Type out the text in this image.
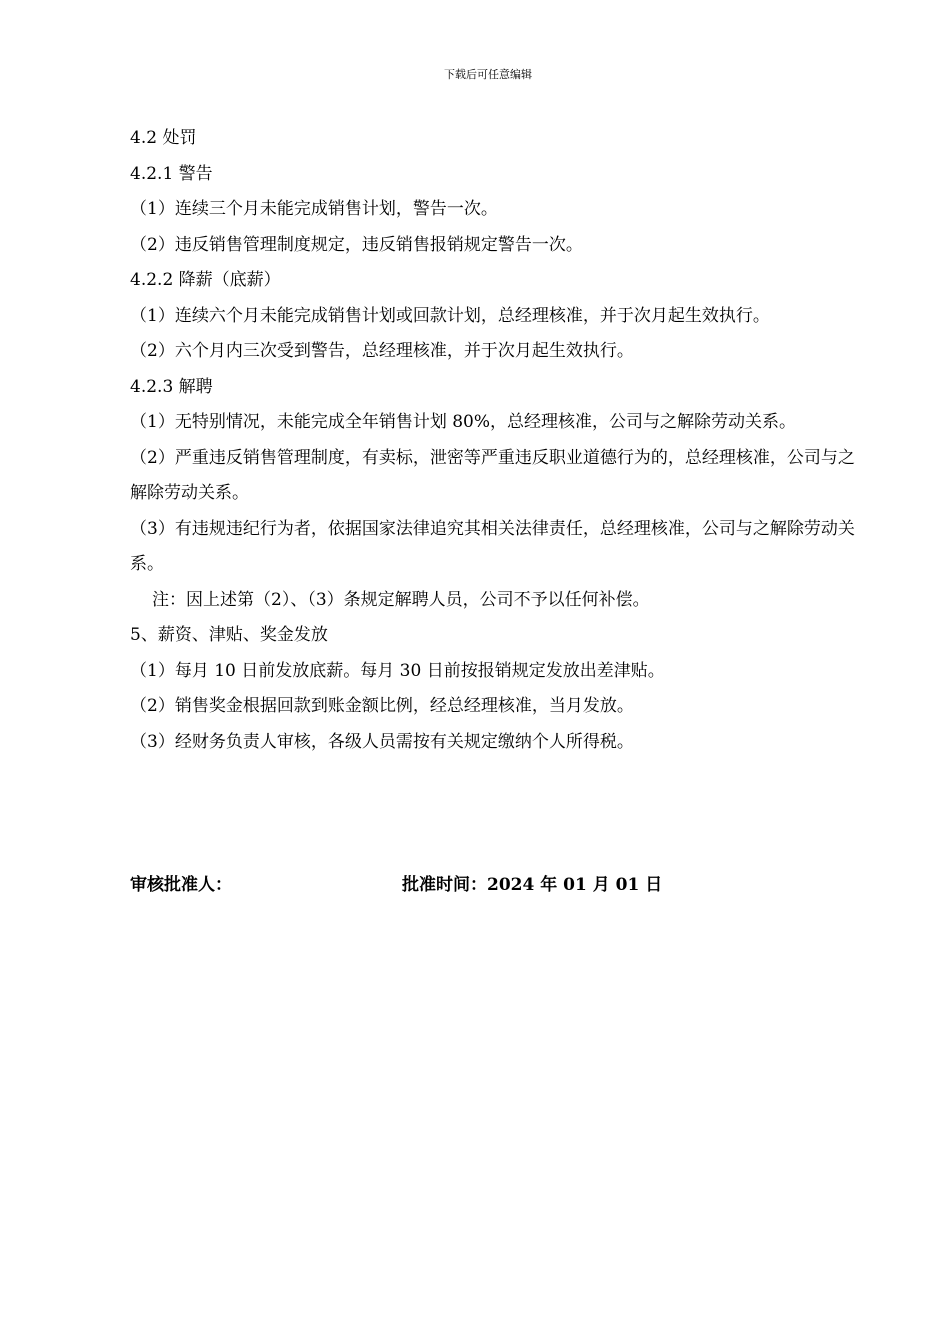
下载后可任意编辑

4.2 处罚

4.2.1 警告

（1）连续三个月未能完成销售计划，警告一次。

（2）违反销售管理制度规定，违反销售报销规定警告一次。

4.2.2 降薪（底薪）

（1）连续六个月未能完成销售计划或回款计划，总经理核准，并于次月起生效执行。

（2）六个月内三次受到警告，总经理核准，并于次月起生效执行。

4.2.3 解聘

（1）无特别情况，未能完成全年销售计划 80%，总经理核准，公司与之解除劳动关系。

（2）严重违反销售管理制度，有卖标，泄密等严重违反职业道德行为的，总经理核准，公司与之解除劳动关系。

（3）有违规违纪行为者，依据国家法律追究其相关法律责任，总经理核准，公司与之解除劳动关系。

注：因上述第（2）、（3）条规定解聘人员，公司不予以任何补偿。

5、薪资、津贴、奖金发放

（1）每月 10 日前发放底薪。每月 30 日前按报销规定发放出差津贴。

（2）销售奖金根据回款到账金额比例，经总经理核准，当月发放。

（3）经财务负责人审核，各级人员需按有关规定缴纳个人所得税。

审核批准人：	批准时间：2024 年 01 月 01 日
